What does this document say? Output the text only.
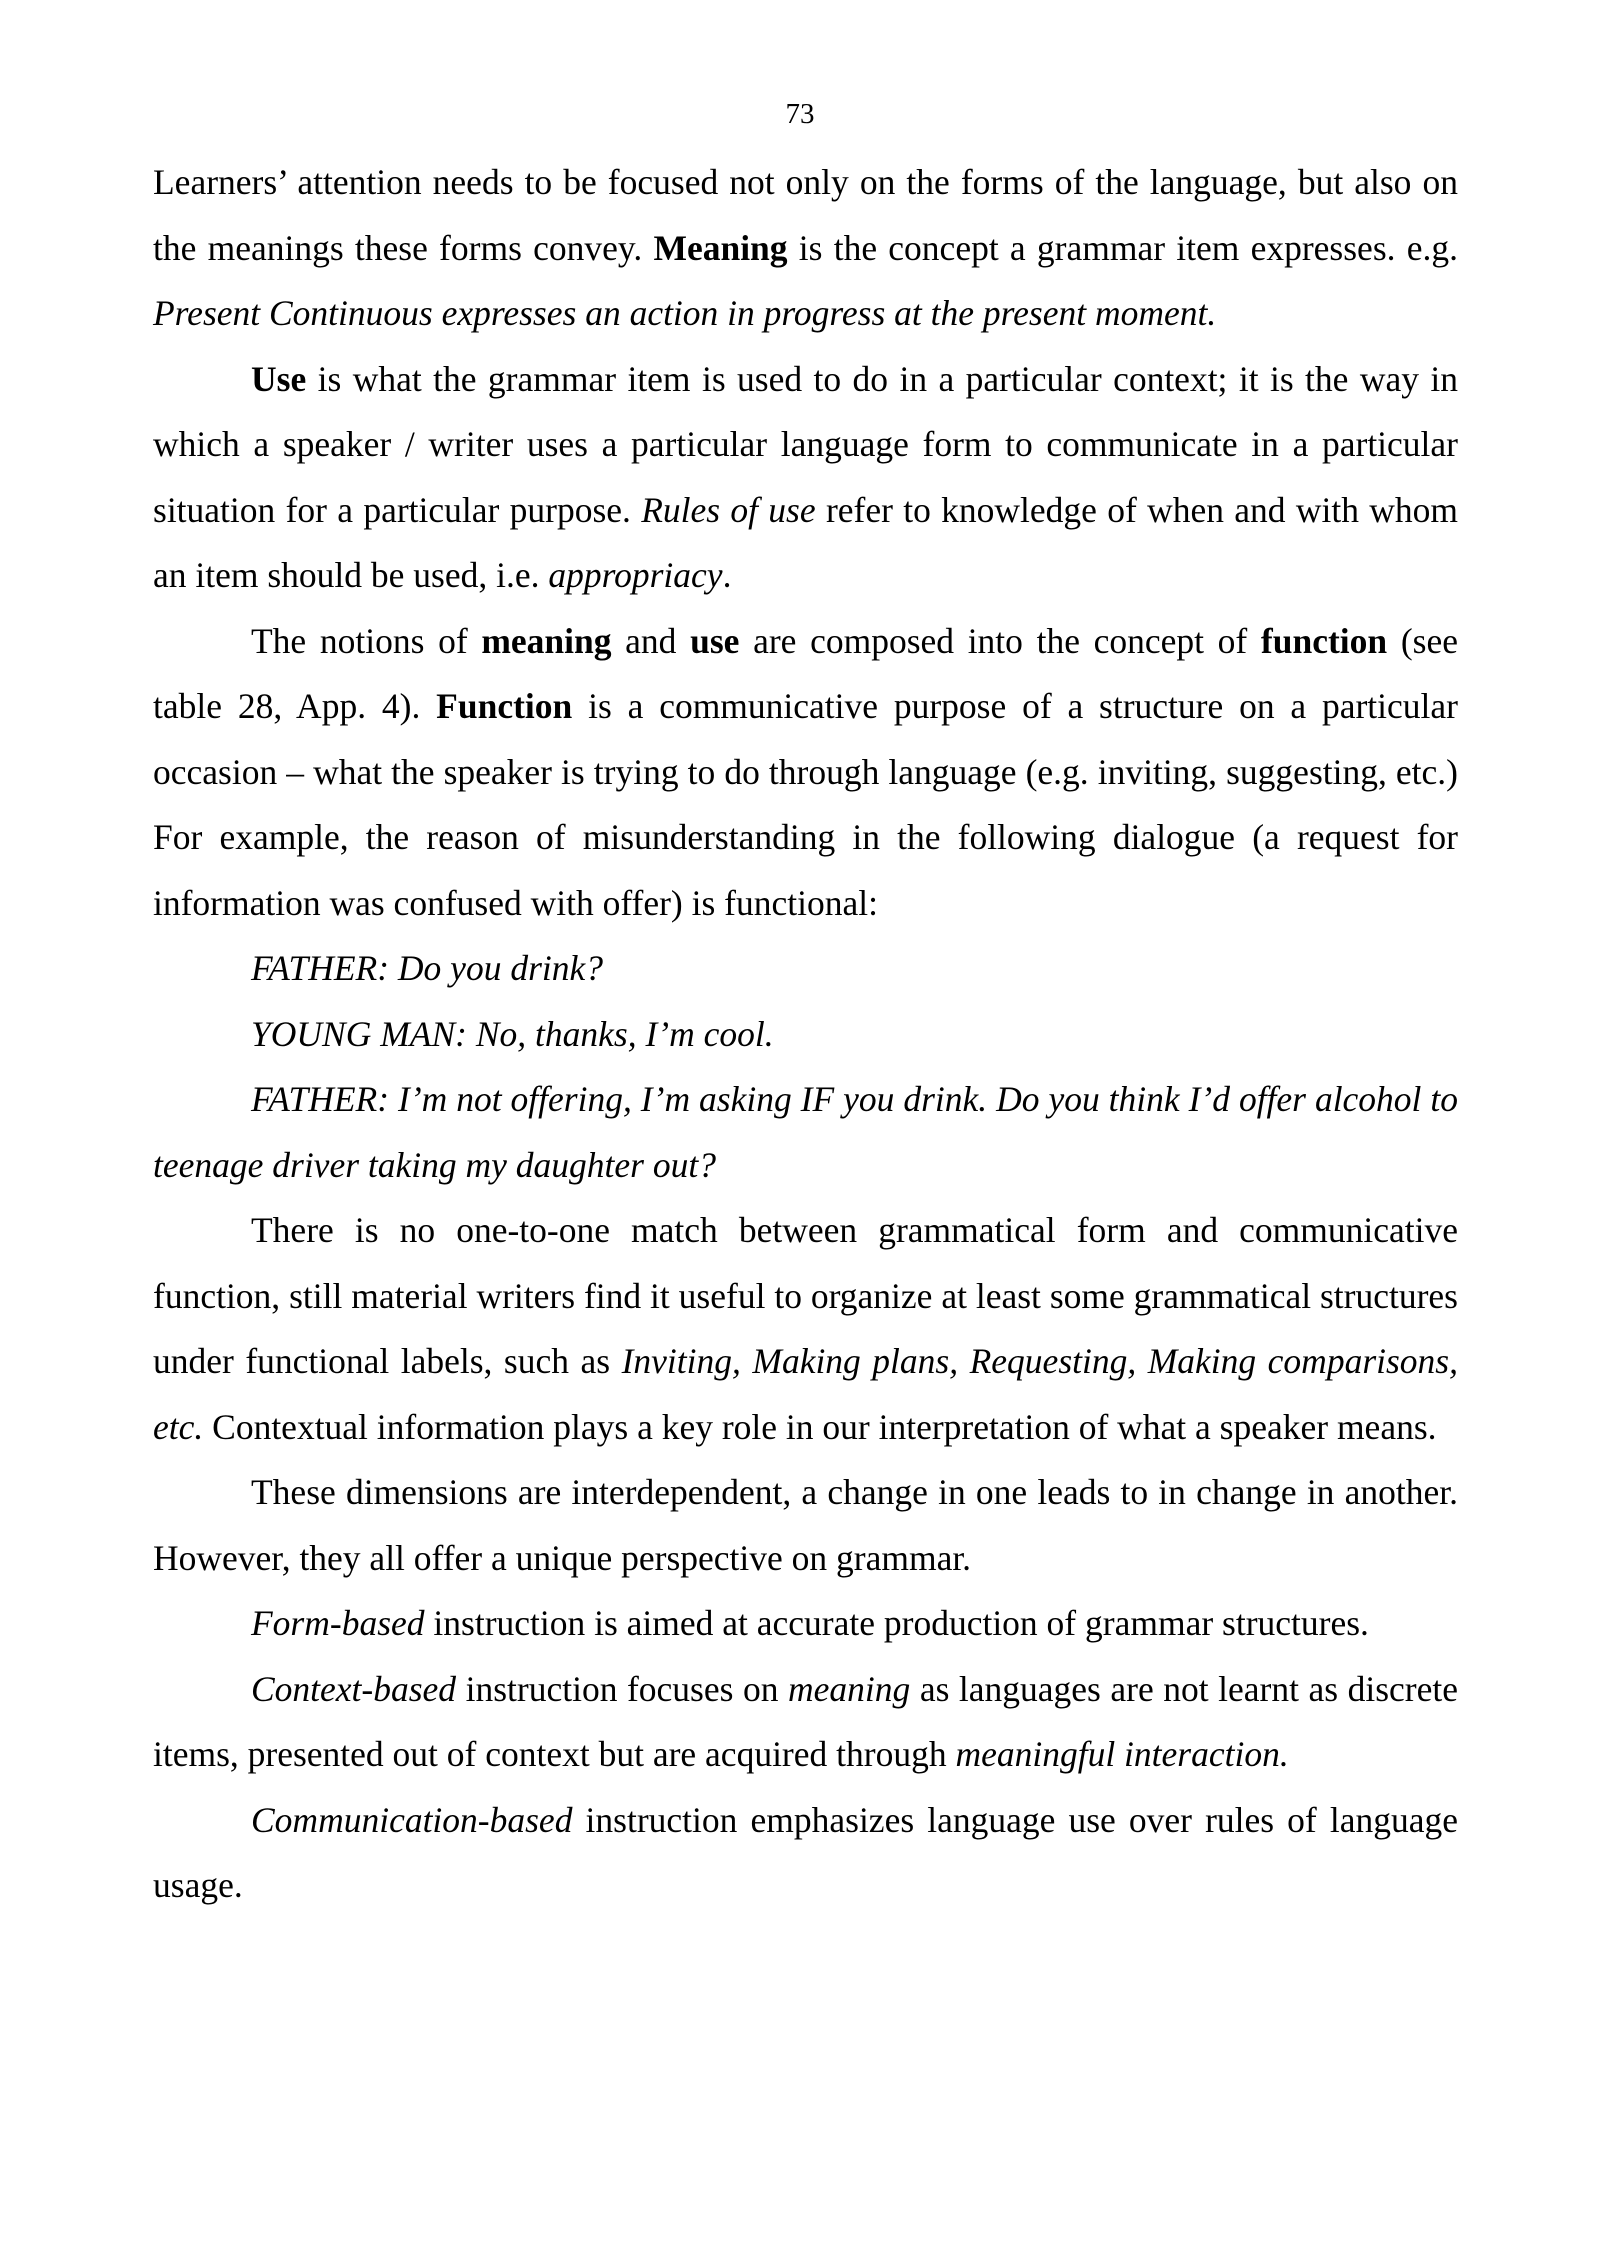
73

Learners’ attention needs to be focused not only on the forms of the language, but also on the meanings these forms convey. Meaning is the concept a grammar item expresses. e.g. Present Continuous expresses an action in progress at the present moment.

Use is what the grammar item is used to do in a particular context; it is the way in which a speaker / writer uses a particular language form to communicate in a particular situation for a particular purpose. Rules of use refer to knowledge of when and with whom an item should be used, i.e. appropriacy.

The notions of meaning and use are composed into the concept of function (see table 28, App. 4). Function is a communicative purpose of a structure on a particular occasion – what the speaker is trying to do through language (e.g. inviting, suggesting, etc.) For example, the reason of misunderstanding in the following dialogue (a request for information was confused with offer) is functional:

FATHER: Do you drink?

YOUNG MAN: No, thanks, I’m cool.

FATHER: I’m not offering, I’m asking IF you drink. Do you think I’d offer alcohol to teenage driver taking my daughter out?

There is no one-to-one match between grammatical form and communicative function, still material writers find it useful to organize at least some grammatical structures under functional labels, such as Inviting, Making plans, Requesting, Making comparisons, etc. Contextual information plays a key role in our interpretation of what a speaker means.

These dimensions are interdependent, a change in one leads to in change in another. However, they all offer a unique perspective on grammar.

Form-based instruction is aimed at accurate production of grammar structures.

Context-based instruction focuses on meaning as languages are not learnt as discrete items, presented out of context but are acquired through meaningful interaction.

Communication-based instruction emphasizes language use over rules of language usage.
